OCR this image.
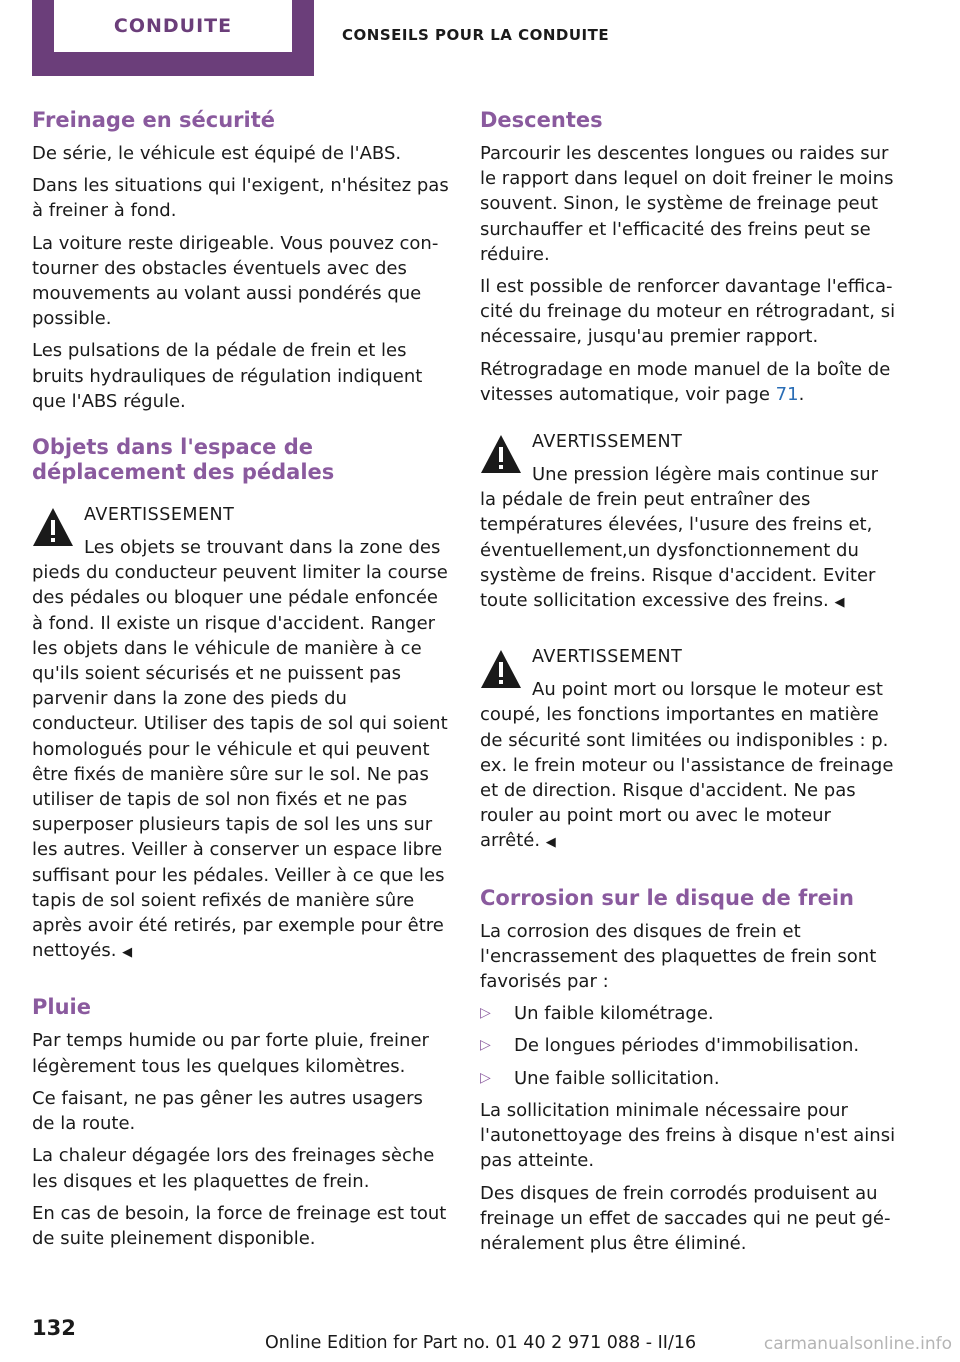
CONDUITE	CONSEILS POUR LA CONDUITE
Freinage en sécurité

De série, le véhicule est équipé de l'ABS.

Dans les situations qui l'exigent, n'hésitez pas à freiner à fond.

La voiture reste dirigeable. Vous pouvez contourner des obstacles éventuels avec des mouvements au volant aussi pondérés que possible.

Les pulsations de la pédale de frein et les bruits hydrauliques de régulation indiquent que l'ABS régule.

Objets dans l'espace de déplacement des pédales
AVERTISSEMENT

Les objets se trouvant dans la zone des pieds du conducteur peuvent limiter la course des pédales ou bloquer une pédale enfoncée à fond. Il existe un risque d'accident. Ranger les objets dans le véhicule de manière à ce qu'ils soient sécurisés et ne puissent pas parvenir dans la zone des pieds du conducteur. Utiliser des tapis de sol qui soient homologués pour le véhicule et qui peuvent être fixés de manière sûre sur le sol. Ne pas utiliser de tapis de sol non fixés et ne pas superposer plusieurs tapis de sol les uns sur les autres. Veiller à conserver un espace libre suffisant pour les pédales. Veiller à ce que les tapis de sol soient refixés de manière sûre après avoir été retirés, par exemple pour être nettoyés. ◀

Pluie

Par temps humide ou par forte pluie, freiner légèrement tous les quelques kilomètres.

Ce faisant, ne pas gêner les autres usagers de la route.

La chaleur dégagée lors des freinages sèche les disques et les plaquettes de frein.

En cas de besoin, la force de freinage est tout de suite pleinement disponible.

Descentes

Parcourir les descentes longues ou raides sur le rapport dans lequel on doit freiner le moins souvent. Sinon, le système de freinage peut surchauffer et l'efficacité des freins peut se réduire.

Il est possible de renforcer davantage l'efficacité du freinage du moteur en rétrogradant, si nécessaire, jusqu'au premier rapport.

Rétrogradage en mode manuel de la boîte de vitesses automatique, voir page 71.

AVERTISSEMENT

Une pression légère mais continue sur la pédale de frein peut entraîner des températures élevées, l'usure des freins et, éventuellement,un dysfonctionnement du système de freins. Risque d'accident. Eviter toute sollicitation excessive des freins. ◀

AVERTISSEMENT

Au point mort ou lorsque le moteur est coupé, les fonctions importantes en matière de sécurité sont limitées ou indisponibles : p. ex. le frein moteur ou l'assistance de freinage et de direction. Risque d'accident. Ne pas rouler au point mort ou avec le moteur arrêté. ◀

Corrosion sur le disque de frein

La corrosion des disques de frein et l'encrassement des plaquettes de frein sont favorisés par :

▷ Un faible kilométrage.
▷ De longues périodes d'immobilisation.
▷ Une faible sollicitation.

La sollicitation minimale nécessaire pour l'autonettoyage des freins à disque n'est ainsi pas atteinte.

Des disques de frein corrodés produisent au freinage un effet de saccades qui ne peut généralement plus être éliminé.

132
Online Edition for Part no. 01 40 2 971 088 - II/16	carmanualsonline.info
